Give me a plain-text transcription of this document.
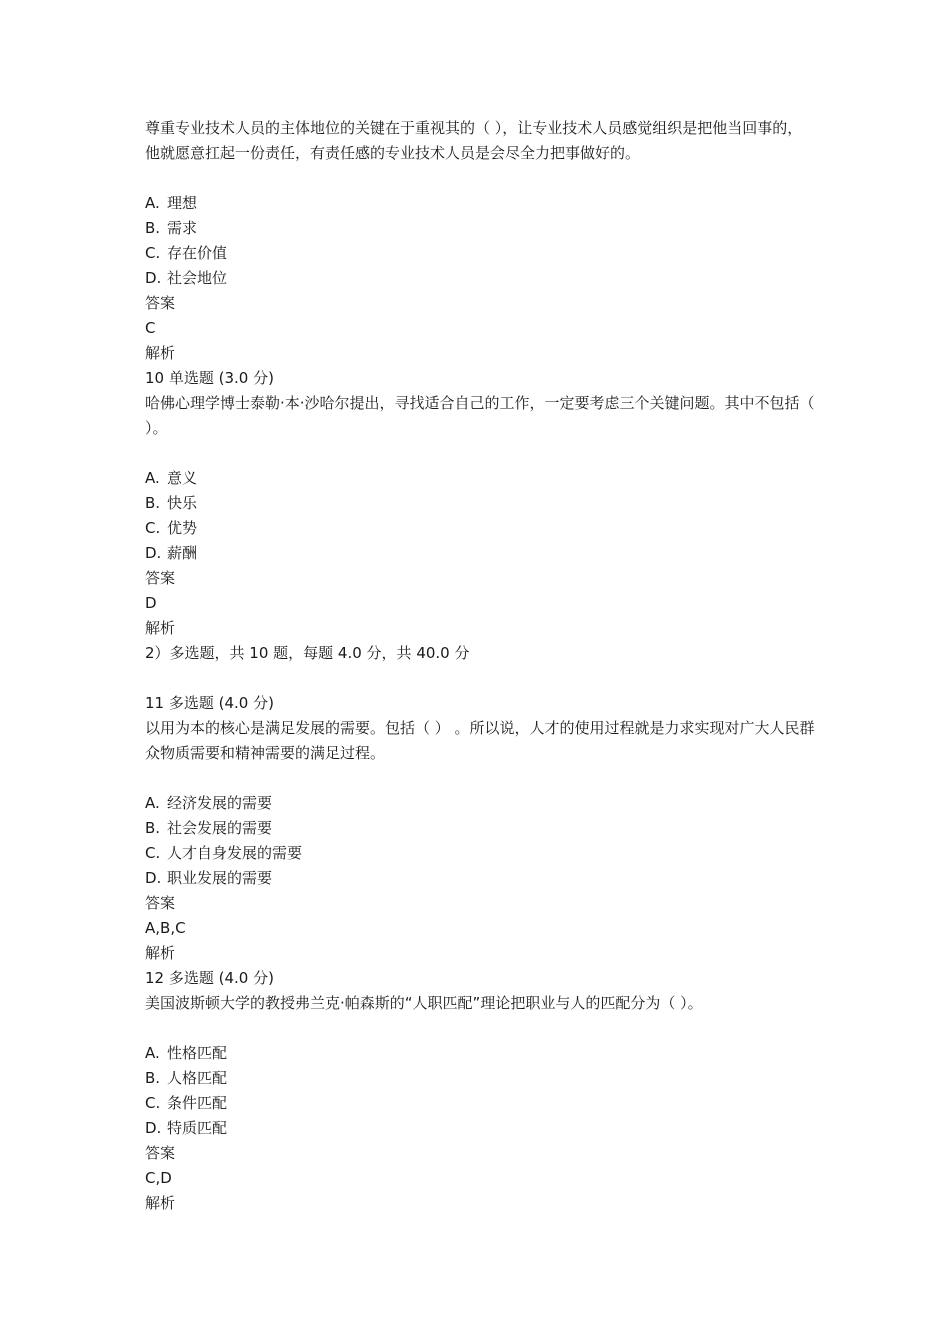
尊重专业技术人员的主体地位的关键在于重视其的（ ），让专业技术人员感觉组织是把他当回事的，他就愿意扛起一份责任，有责任感的专业技术人员是会尽全力把事做好的。
A. 理想
B. 需求
C. 存在价值
D. 社会地位
答案
C
解析
10 单选题 (3.0 分)
哈佛心理学博士泰勒·本·沙哈尔提出，寻找适合自己的工作，一定要考虑三个关键问题。其中不包括（ ）。
A. 意义
B. 快乐
C. 优势
D. 薪酬
答案
D
解析
2）多选题，共 10 题，每题 4.0 分，共 40.0 分
11 多选题 (4.0 分)
以用为本的核心是满足发展的需要。包括（ ） 。所以说，人才的使用过程就是力求实现对广大人民群众物质需要和精神需要的满足过程。
A. 经济发展的需要
B. 社会发展的需要
C. 人才自身发展的需要
D. 职业发展的需要
答案
A,B,C
解析
12 多选题 (4.0 分)
美国波斯顿大学的教授弗兰克·帕森斯的“人职匹配”理论把职业与人的匹配分为（ ）。
A. 性格匹配
B. 人格匹配
C. 条件匹配
D. 特质匹配
答案
C,D
解析
